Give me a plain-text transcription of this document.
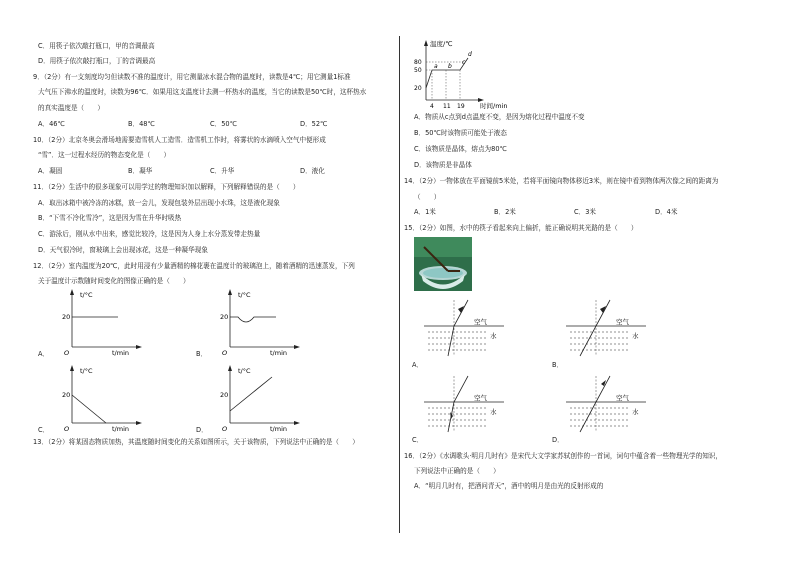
C．用筷子依次敲打瓶口，甲的音调最高
D．用筷子依次敲打瓶口，丁的音调最高
9．（2分）有一支刻度均匀但读数不准的温度计，用它测量冰水混合物的温度时，读数是4℃；用它测量1标准
大气压下沸水的温度时，读数为96℃．如果用这支温度计去测一杯热水的温度，当它的读数是50℃时，这杯热水
的真实温度是（　　）
A．46℃	B．48℃	C．50℃	D．52℃
10．（2分）北京冬奥会滑场地需要造雪机人工造雪．造雪机工作时，将雾状的水滴喷入空气中便形成
“雪”．这一过程水经历的物态变化是（　　）
A．凝固	B．凝华	C．升华	D．液化
11．（2分）生活中的很多现象可以用学过的物理知识加以解释，下列解释错误的是（　　）
A．取出冰箱中被冷冻的冰糕，放一会儿，发现包装外层出现小水珠，这是液化现象
B．“下雪不冷化雪冷”，这是因为雪在升华时吸热
C．游泳后，刚从水中出来，感觉比较冷，这是因为人身上水分蒸发带走热量
D．天气很冷时，窗玻璃上会出现冰花，这是一种凝华现象
12．（2分）室内温度为20℃，此时用浸有少量酒精的棉花裹在温度计的玻璃泡上，随着酒精的迅速蒸发，下列
关于温度计示数随时间变化的图像正确的是（　　）
t/°C
20
O	t/min
A．
t/°C
20
O	t/min
B．
t/°C
20
O	t/min
C．
t/°C
20
O	t/min
D．
13．（2分）将某固态物质加热，其温度随时间变化的关系如图所示，关于该物质，下列说法中正确的是（　　）
温度/℃
80
50
20
4 11 19 时间/min
a b
c
d
A．物质从c点到d点温度不变，是因为熔化过程中温度不变
B．50℃时该物质可能处于液态
C．该物质是晶体，熔点为80℃
D．该物质是非晶体
14．（2分）一物体放在平面镜前5米处，若将平面镜向物体移近3米，则在镜中看到物体两次像之间的距离为
（　　）
A．1米	B．2米	C．3米	D．4米
15．（2分）如图，水中的筷子看起来向上偏折，能正确说明其光路的是（　　）
空气
水
A．
空气
水
B．
空气
水
C．
空气
水
D．
16．（2分）《水调歌头·明月几时有》是宋代大文学家苏轼创作的一首词，词句中蕴含着一些物理光学的知识，
下列说法中正确的是（　　）
A．“明月几时有，把酒问青天”，酒中的明月是由光的反射形成的
